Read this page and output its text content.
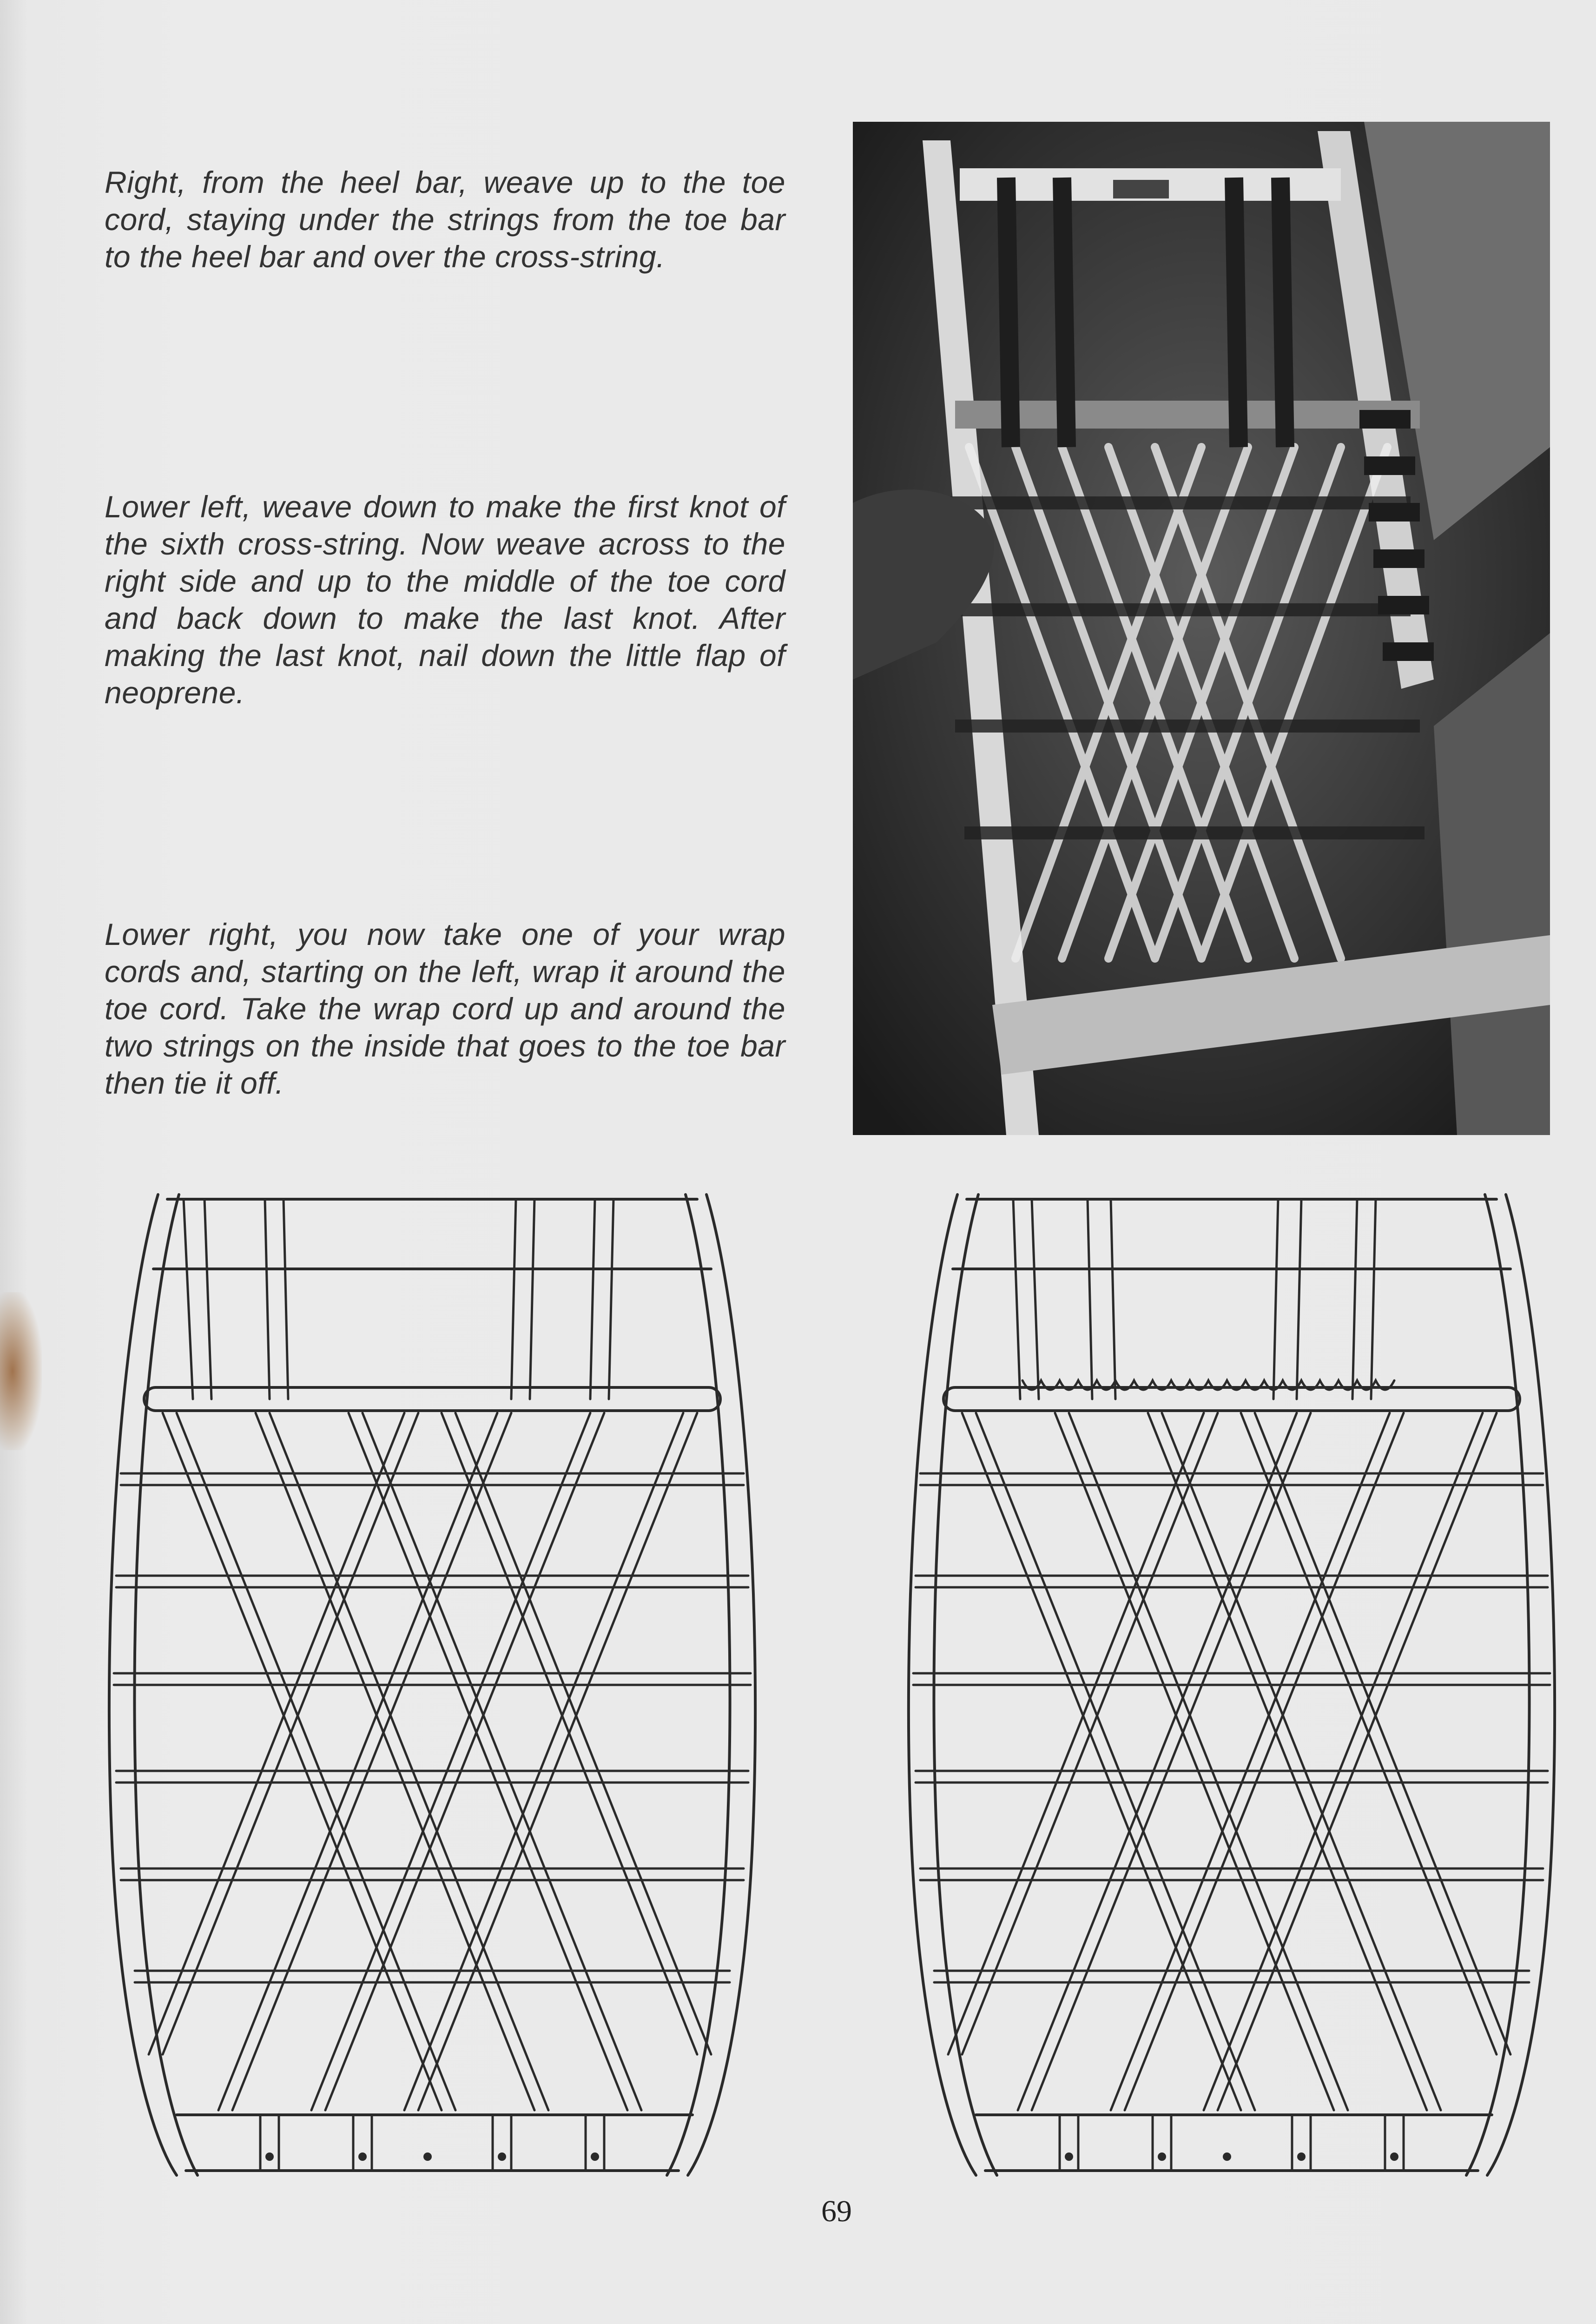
Right, from the heel bar, weave up to the toe cord, staying under the strings from the toe bar to the heel bar and over the cross-string.
Lower left, weave down to make the first knot of the sixth cross-string. Now weave across to the right side and up to the middle of the toe cord and back down to make the last knot. After making the last knot, nail down the little flap of neoprene.
Lower right, you now take one of your wrap cords and, starting on the left, wrap it around the toe cord. Take the wrap cord up and around the two strings on the inside that goes to the toe bar then tie it off.
69
